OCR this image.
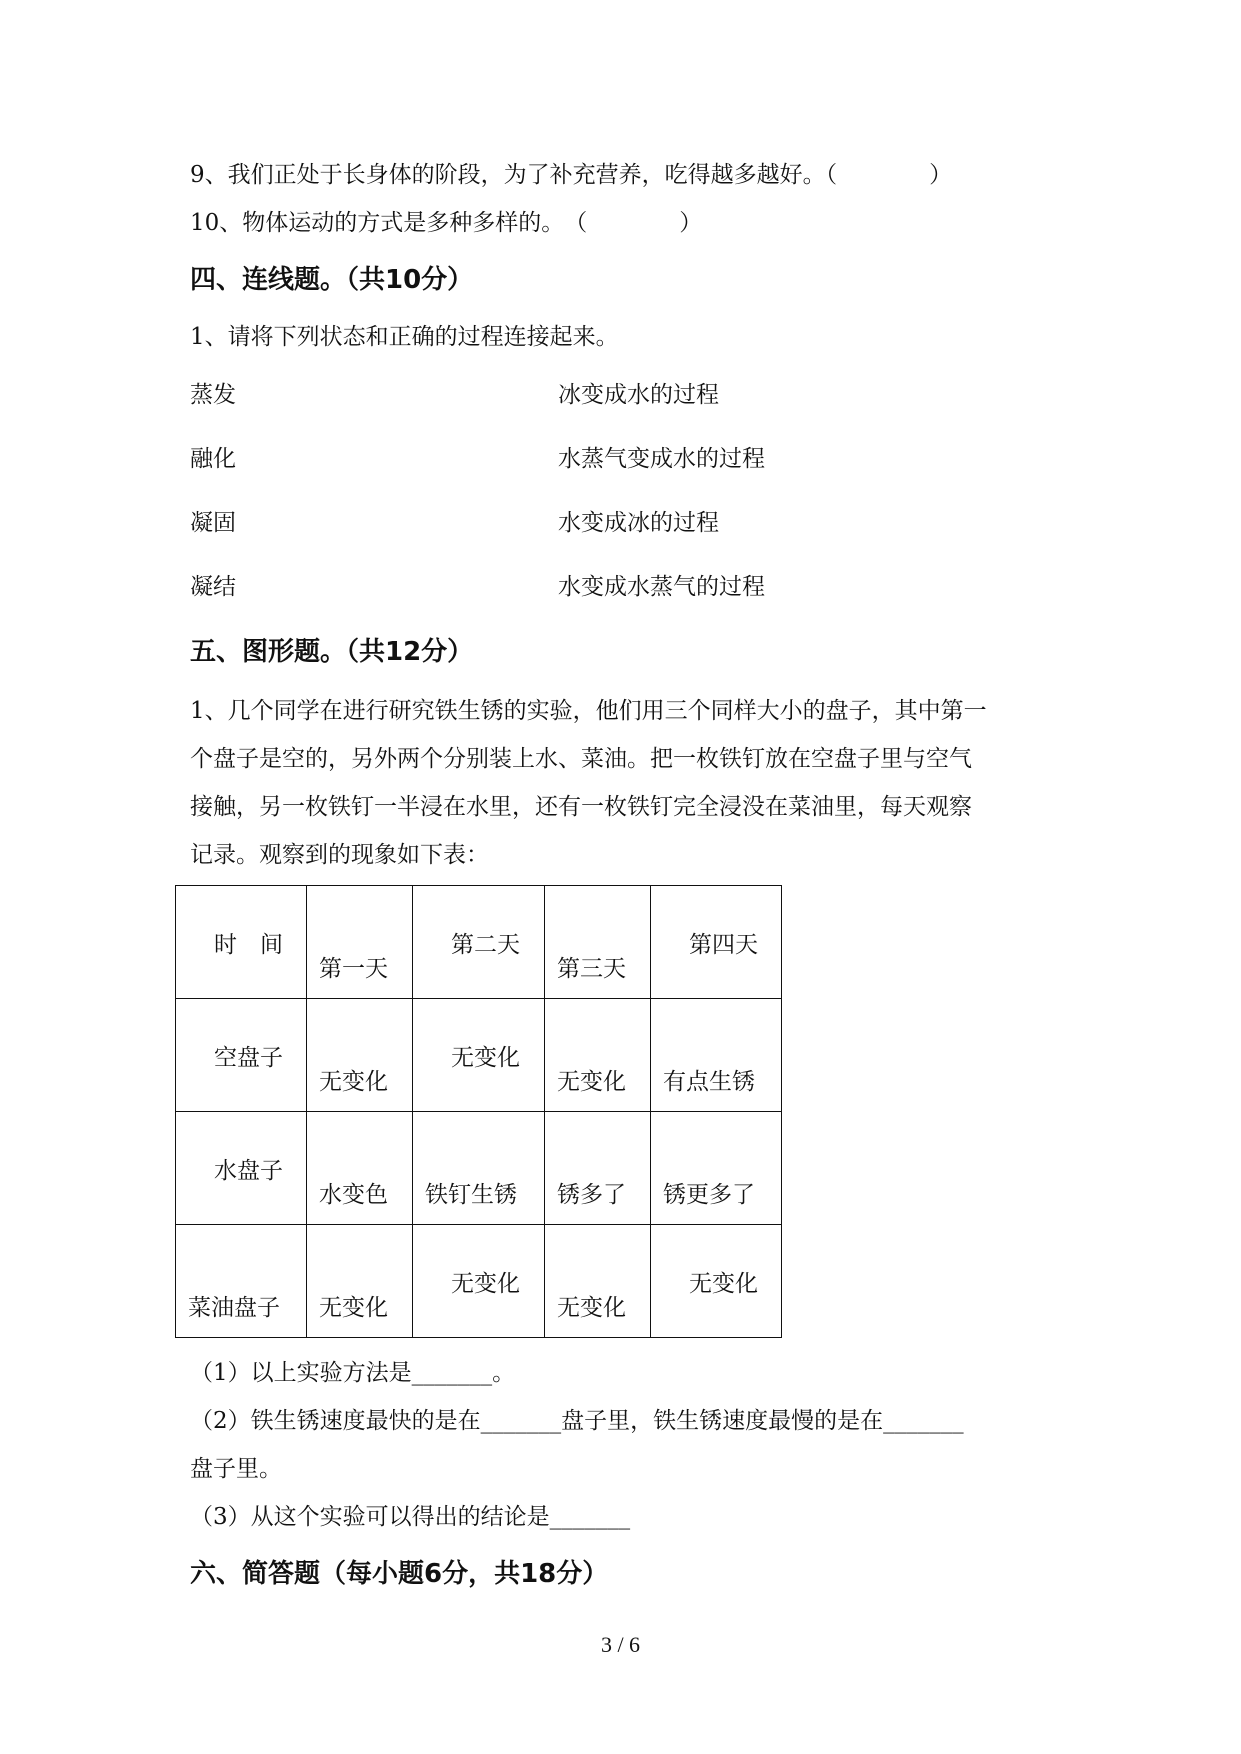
9、我们正处于长身体的阶段，为了补充营养，吃得越多越好。（　　　　）
10、物体运动的方式是多种多样的。　（　　　　）
四、连线题。（共10分）
1、请将下列状态和正确的过程连接起来。
蒸发	冰变成水的过程
融化	水蒸气变成水的过程
凝固	水变成冰的过程
凝结	水变成水蒸气的过程
五、图形题。（共12分）
1、几个同学在进行研究铁生锈的实验，他们用三个同样大小的盘子，其中第一
个盘子是空的，另外两个分别装上水、菜油。把一枚铁钉放在空盘子里与空气
接触，另一枚铁钉一半浸在水里，还有一枚铁钉完全浸没在菜油里，每天观察
记录。观察到的现象如下表：
时　间	第一天	第二天	第三天	第四天

空盘子	无变化	无变化	无变化	有点生锈

水盘子	水变色	铁钉生锈	锈多了	锈更多了

菜油盘子	无变化	无变化	无变化	无变化
（1）以上实验方法是_______。
（2）铁生锈速度最快的是在_______盘子里，铁生锈速度最慢的是在_______
盘子里。
（3）从这个实验可以得出的结论是_______
六、简答题（每小题6分，共18分）
3 / 6
